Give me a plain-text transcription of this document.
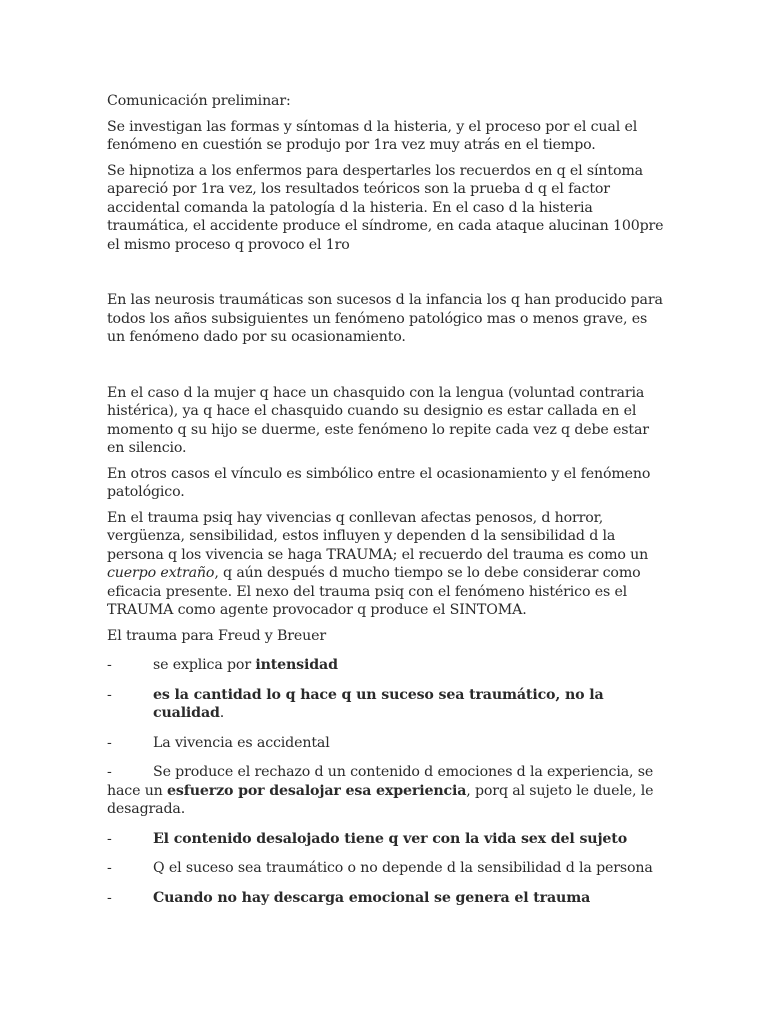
Comunicación preliminar:

Se investigan las formas y síntomas d la histeria, y el proceso por el cual el fenómeno en cuestión se produjo por 1ra vez muy atrás en el tiempo.

Se hipnotiza a los enfermos para despertarles los recuerdos en q el síntoma apareció por 1ra vez, los resultados teóricos son la prueba d q el factor accidental comanda la patología d la histeria. En el caso d la histeria traumática, el accidente produce el síndrome, en cada ataque alucinan 100pre el mismo proceso q provoco el 1ro

En las neurosis traumáticas son sucesos d la infancia los q han producido para todos los años subsiguientes un fenómeno patológico mas o menos grave, es un fenómeno dado por su ocasionamiento.

En el caso d la mujer q hace un chasquido con la lengua (voluntad contraria histérica), ya q hace el chasquido cuando su designio es estar callada en el momento q su hijo se duerme, este fenómeno lo repite cada vez q debe estar en silencio.

En otros casos el vínculo es simbólico entre el ocasionamiento y el fenómeno patológico.

En el trauma psiq hay vivencias q conllevan afectas penosos, d horror, vergüenza, sensibilidad, estos influyen y dependen d la sensibilidad d la persona q los vivencia se haga TRAUMA; el recuerdo del trauma es como un cuerpo extraño, q aún después d mucho tiempo se lo debe considerar como eficacia presente. El nexo del trauma psiq con el fenómeno histérico es el TRAUMA como agente provocador q produce el SINTOMA.

El trauma para Freud y Breuer

-	se explica por intensidad
-	es la cantidad lo q hace q un suceso sea traumático, no la cualidad.
-	La vivencia es accidental
-	Se produce el rechazo d un contenido d emociones d la experiencia, se hace un esfuerzo por desalojar esa experiencia, porq al sujeto le duele, le desagrada.
-	El contenido desalojado tiene q ver con la vida sex del sujeto
-	Q el suceso sea traumático o no depende d la sensibilidad d la persona
-	Cuando no hay descarga emocional se genera el trauma
